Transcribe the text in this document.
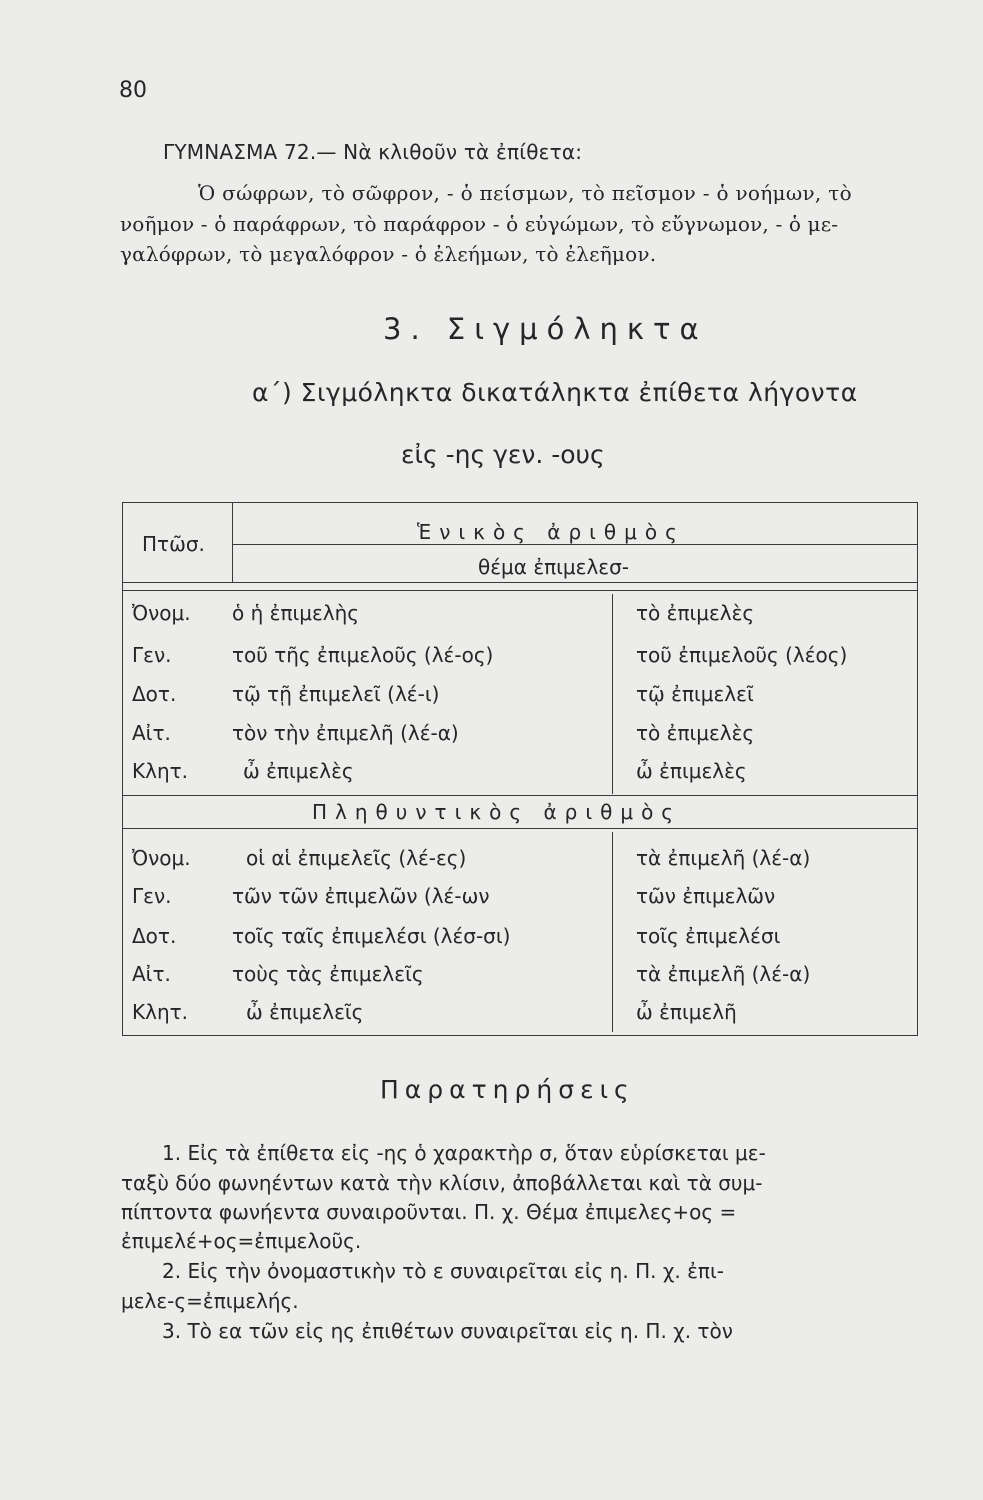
80
ΓΥΜΝΑΣΜΑ 72.— Νὰ κλιθοῦν τὰ ἐπίθετα:
Ὁ σώφρων, τὸ σῶφρον, - ὁ πείσμων, τὸ πεῖσμον - ὁ νοήμων, τὸ
νοῆμον - ὁ παράφρων, τὸ παράφρον - ὁ εὐγώμων, τὸ εὔγνωμον, - ὁ με-
γαλόφρων, τὸ μεγαλόφρον - ὁ ἐλεήμων, τὸ ἐλεῆμον.
3. Σιγμόληκτα
α΄) Σιγμόληκτα δικατάληκτα ἐπίθετα λήγοντα
εἰς -ης γεν. -ους
Πτῶσ.	Ἑνικὸς ἀριθμὸς
θέμα ἐπιμελεσ-
Πληθυντικὸς ἀριθμὸς
Ὀνομ. ὁ ἡ ἐπιμελὴς	τὸ ἐπιμελὲς
Γεν.	τοῦ τῆς ἐπιμελοῦς (λέ-ος)	τοῦ ἐπιμελοῦς (λέος)
Δοτ.	τῷ τῇ ἐπιμελεῖ (λέ-ι)	τῷ ἐπιμελεῖ
Αἰτ.	τὸν τὴν ἐπιμελῆ (λέ-α)	τὸ ἐπιμελὲς
Κλητ.	ὦ ἐπιμελὲς	ὦ ἐπιμελὲς
Ὀνομ.	οἱ αἱ ἐπιμελεῖς (λέ-ες)	τὰ ἐπιμελῆ (λέ-α)
Γεν.	τῶν τῶν ἐπιμελῶν (λέ-ων	τῶν ἐπιμελῶν
Δοτ.	τοῖς ταῖς ἐπιμελέσι (λέσ-σι)	τοῖς ἐπιμελέσι
Αἰτ.	τοὺς τὰς ἐπιμελεῖς	τὰ ἐπιμελῆ (λέ-α)
Κλητ.	ὦ ἐπιμελεῖς	ὦ ἐπιμελῆ
Παρατηρήσεις
1. Εἰς τὰ ἐπίθετα εἰς -ης ὁ χαρακτὴρ σ, ὅταν εὑρίσκεται με-
ταξὺ δύο φωνηέντων κατὰ τὴν κλίσιν, ἀποβάλλεται καὶ τὰ συμ-
πίπτοντα φωνήεντα συναιροῦνται. Π. χ. Θέμα ἐπιμελες+ος =
ἐπιμελέ+ος=ἐπιμελοῦς.
2. Εἰς τὴν ὀνομαστικὴν τὸ ε συναιρεῖται εἰς η. Π. χ. ἐπι-
μελε-ς=ἐπιμελής.
3. Τὸ εα τῶν εἰς ης ἐπιθέτων συναιρεῖται εἰς η. Π. χ. τὸν
